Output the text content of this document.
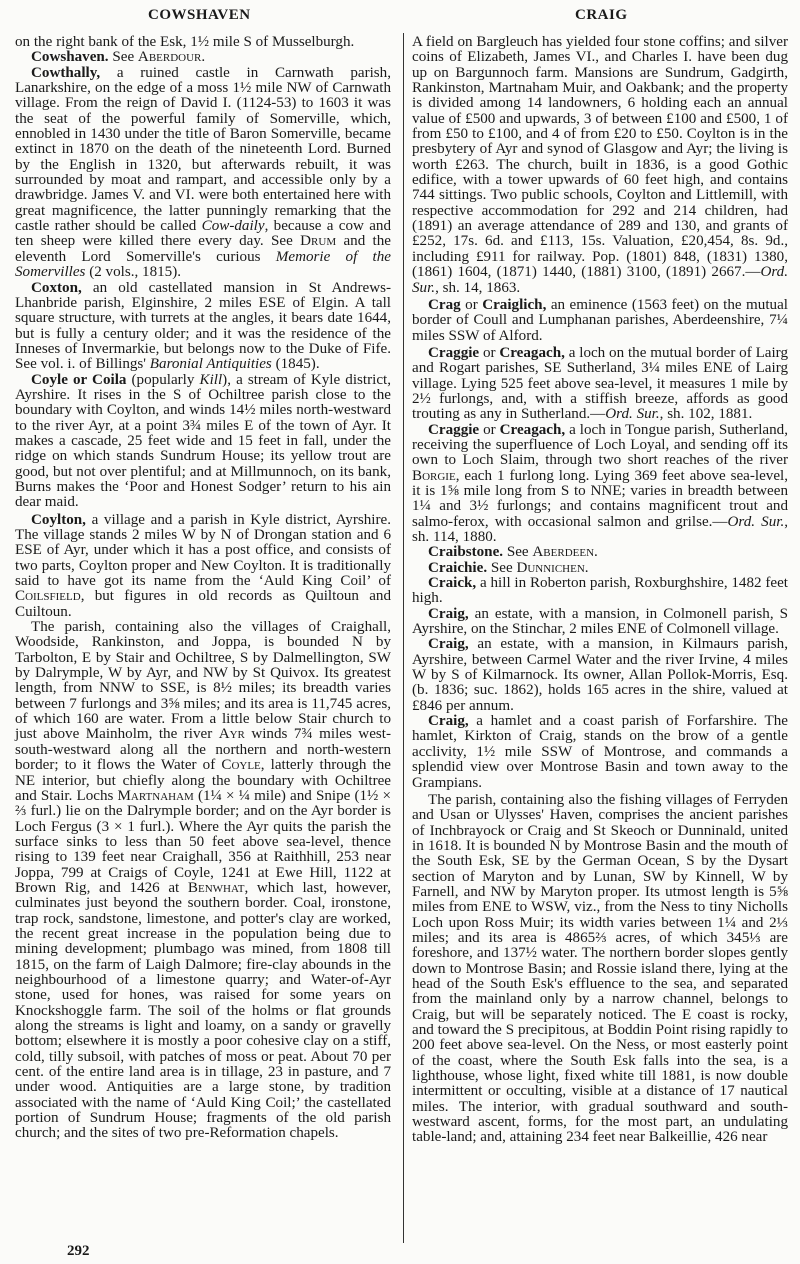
COWSHAVEN	CRAIG

on the right bank of the Esk, 1½ mile S of Musselburgh.

Cowshaven. See Aberdour.

Cowthally, a ruined castle in Carnwath parish, Lanarkshire, on the edge of a moss 1½ mile NW of Carnwath village. From the reign of David I. (1124-53) to 1603 it was the seat of the powerful family of Somerville, which, ennobled in 1430 under the title of Baron Somerville, became extinct in 1870 on the death of the nineteenth Lord. Burned by the English in 1320, but afterwards rebuilt, it was surrounded by moat and rampart, and accessible only by a drawbridge. James V. and VI. were both entertained here with great magnificence, the latter punningly remarking that the castle rather should be called Cow-daily, because a cow and ten sheep were killed there every day. See Drum and the eleventh Lord Somerville's curious Memorie of the Somervilles (2 vols., 1815).

Coxton, an old castellated mansion in St Andrews-Lhanbride parish, Elginshire, 2 miles ESE of Elgin. A tall square structure, with turrets at the angles, it bears date 1644, but is fully a century older; and it was the residence of the Inneses of Invermarkie, but belongs now to the Duke of Fife. See vol. i. of Billings' Baronial Antiquities (1845).

Coyle or Coila (popularly Kill), a stream of Kyle district, Ayrshire. It rises in the S of Ochiltree parish close to the boundary with Coylton, and winds 14½ miles north-westward to the river Ayr, at a point 3¾ miles E of the town of Ayr. It makes a cascade, 25 feet wide and 15 feet in fall, under the ridge on which stands Sundrum House; its yellow trout are good, but not over plentiful; and at Millmunnoch, on its bank, Burns makes the ‘Poor and Honest Sodger’ return to his ain dear maid.

Coylton, a village and a parish in Kyle district, Ayrshire. The village stands 2 miles W by N of Drongan station and 6 ESE of Ayr, under which it has a post office, and consists of two parts, Coylton proper and New Coylton. It is traditionally said to have got its name from the ‘Auld King Coil’ of Coilsfield, but figures in old records as Quiltoun and Cuiltoun.

The parish, containing also the villages of Craighall, Woodside, Rankinston, and Joppa, is bounded N by Tarbolton, E by Stair and Ochiltree, S by Dalmellington, SW by Dalrymple, W by Ayr, and NW by St Quivox. Its greatest length, from NNW to SSE, is 8½ miles; its breadth varies between 7 furlongs and 3⅝ miles; and its area is 11,745 acres, of which 160 are water. From a little below Stair church to just above Mainholm, the river Ayr winds 7¾ miles west-south-westward along all the northern and north-western border; to it flows the Water of Coyle, latterly through the NE interior, but chiefly along the boundary with Ochiltree and Stair. Lochs Martnaham (1¼ × ¼ mile) and Snipe (1½ × ⅔ furl.) lie on the Dalrymple border; and on the Ayr border is Loch Fergus (3 × 1 furl.). Where the Ayr quits the parish the surface sinks to less than 50 feet above sea-level, thence rising to 139 feet near Craighall, 356 at Raithhill, 253 near Joppa, 799 at Craigs of Coyle, 1241 at Ewe Hill, 1122 at Brown Rig, and 1426 at Benwhat, which last, however, culminates just beyond the southern border. Coal, ironstone, trap rock, sandstone, limestone, and potter's clay are worked, the recent great increase in the population being due to mining development; plumbago was mined, from 1808 till 1815, on the farm of Laigh Dalmore; fire-clay abounds in the neighbourhood of a limestone quarry; and Water-of-Ayr stone, used for hones, was raised for some years on Knockshoggle farm. The soil of the holms or flat grounds along the streams is light and loamy, on a sandy or gravelly bottom; elsewhere it is mostly a poor cohesive clay on a stiff, cold, tilly subsoil, with patches of moss or peat. About 70 per cent. of the entire land area is in tillage, 23 in pasture, and 7 under wood. Antiquities are a large stone, by tradition associated with the name of ‘Auld King Coil;’ the castellated portion of Sundrum House; fragments of the old parish church; and the sites of two pre-Reformation chapels.

A field on Bargleuch has yielded four stone coffins; and silver coins of Elizabeth, James VI., and Charles I. have been dug up on Bargunnoch farm. Mansions are Sundrum, Gadgirth, Rankinston, Martnaham Muir, and Oakbank; and the property is divided among 14 landowners, 6 holding each an annual value of £500 and upwards, 3 of between £100 and £500, 1 of from £50 to £100, and 4 of from £20 to £50. Coylton is in the presbytery of Ayr and synod of Glasgow and Ayr; the living is worth £263. The church, built in 1836, is a good Gothic edifice, with a tower upwards of 60 feet high, and contains 744 sittings. Two public schools, Coylton and Littlemill, with respective accommodation for 292 and 214 children, had (1891) an average attendance of 289 and 130, and grants of £252, 17s. 6d. and £113, 15s. Valuation, £20,454, 8s. 9d., including £911 for railway. Pop. (1801) 848, (1831) 1380, (1861) 1604, (1871) 1440, (1881) 3100, (1891) 2667.—Ord. Sur., sh. 14, 1863.

Crag or Craiglich, an eminence (1563 feet) on the mutual border of Coull and Lumphanan parishes, Aberdeenshire, 7¼ miles SSW of Alford.

Craggie or Creagach, a loch on the mutual border of Lairg and Rogart parishes, SE Sutherland, 3¼ miles ENE of Lairg village. Lying 525 feet above sea-level, it measures 1 mile by 2½ furlongs, and, with a stiffish breeze, affords as good trouting as any in Sutherland.—Ord. Sur., sh. 102, 1881.

Craggie or Creagach, a loch in Tongue parish, Sutherland, receiving the superfluence of Loch Loyal, and sending off its own to Loch Slaim, through two short reaches of the river Borgie, each 1 furlong long. Lying 369 feet above sea-level, it is 1⅝ mile long from S to NNE; varies in breadth between 1¼ and 3½ furlongs; and contains magnificent trout and salmo-ferox, with occasional salmon and grilse.—Ord. Sur., sh. 114, 1880.

Craibstone. See Aberdeen.

Craichie. See Dunnichen.

Craick, a hill in Roberton parish, Roxburghshire, 1482 feet high.

Craig, an estate, with a mansion, in Colmonell parish, S Ayrshire, on the Stinchar, 2 miles ENE of Colmonell village.

Craig, an estate, with a mansion, in Kilmaurs parish, Ayrshire, between Carmel Water and the river Irvine, 4 miles W by S of Kilmarnock. Its owner, Allan Pollok-Morris, Esq. (b. 1836; suc. 1862), holds 165 acres in the shire, valued at £846 per annum.

Craig, a hamlet and a coast parish of Forfarshire. The hamlet, Kirkton of Craig, stands on the brow of a gentle acclivity, 1½ mile SSW of Montrose, and commands a splendid view over Montrose Basin and town away to the Grampians.

The parish, containing also the fishing villages of Ferryden and Usan or Ulysses' Haven, comprises the ancient parishes of Inchbrayock or Craig and St Skeoch or Dunninald, united in 1618. It is bounded N by Montrose Basin and the mouth of the South Esk, SE by the German Ocean, S by the Dysart section of Maryton and by Lunan, SW by Kinnell, W by Farnell, and NW by Maryton proper. Its utmost length is 5⅝ miles from ENE to WSW, viz., from the Ness to tiny Nicholls Loch upon Ross Muir; its width varies between 1¼ and 2⅓ miles; and its area is 4865⅔ acres, of which 345⅓ are foreshore, and 137½ water. The northern border slopes gently down to Montrose Basin; and Rossie island there, lying at the head of the South Esk's effluence to the sea, and separated from the mainland only by a narrow channel, belongs to Craig, but will be separately noticed. The E coast is rocky, and toward the S precipitous, at Boddin Point rising rapidly to 200 feet above sea-level. On the Ness, or most easterly point of the coast, where the South Esk falls into the sea, is a lighthouse, whose light, fixed white till 1881, is now double intermittent or occulting, visible at a distance of 17 nautical miles. The interior, with gradual southward and south-westward ascent, forms, for the most part, an undulating table-land; and, attaining 234 feet near Balkeillie, 426 near

292
